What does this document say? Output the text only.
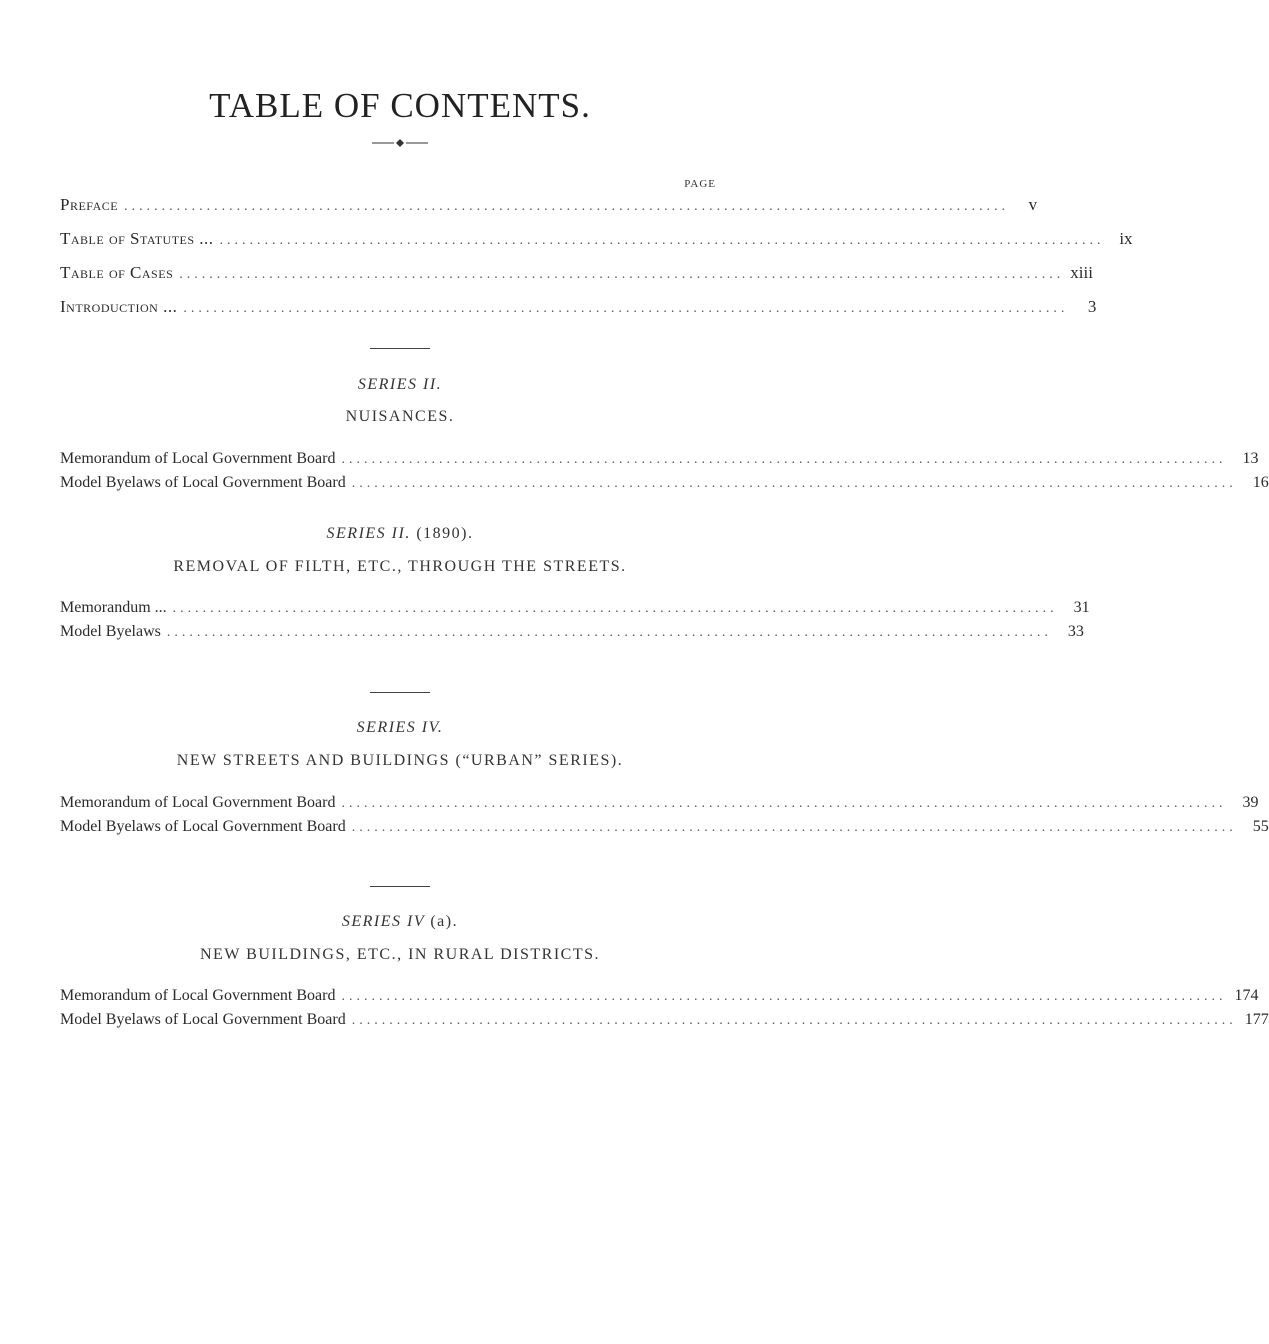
TABLE OF CONTENTS.
PAGE
Preface ......................................................................................................................	v
Table of Statutes ... ...................................................................................................................... ix
Table of Cases ...................................................................................................................... xiii
Introduction ... ......................................................................................................................	3
SERIES II.
NUISANCES.
Memorandum of Local Government Board ......................................................................................................................	13
Model Byelaws of Local Government Board ......................................................................................................................	16
SERIES II. (1890).
REMOVAL OF FILTH, ETC., THROUGH THE STREETS.
Memorandum ... ......................................................................................................................	31
Model Byelaws ......................................................................................................................	33
SERIES IV.
NEW STREETS AND BUILDINGS (“URBAN” SERIES).
Memorandum of Local Government Board ......................................................................................................................	39
Model Byelaws of Local Government Board ......................................................................................................................	55
SERIES IV (a).
NEW BUILDINGS, ETC., IN RURAL DISTRICTS.
Memorandum of Local Government Board ...................................................................................................................... 174
Model Byelaws of Local Government Board ...................................................................................................................... 177
